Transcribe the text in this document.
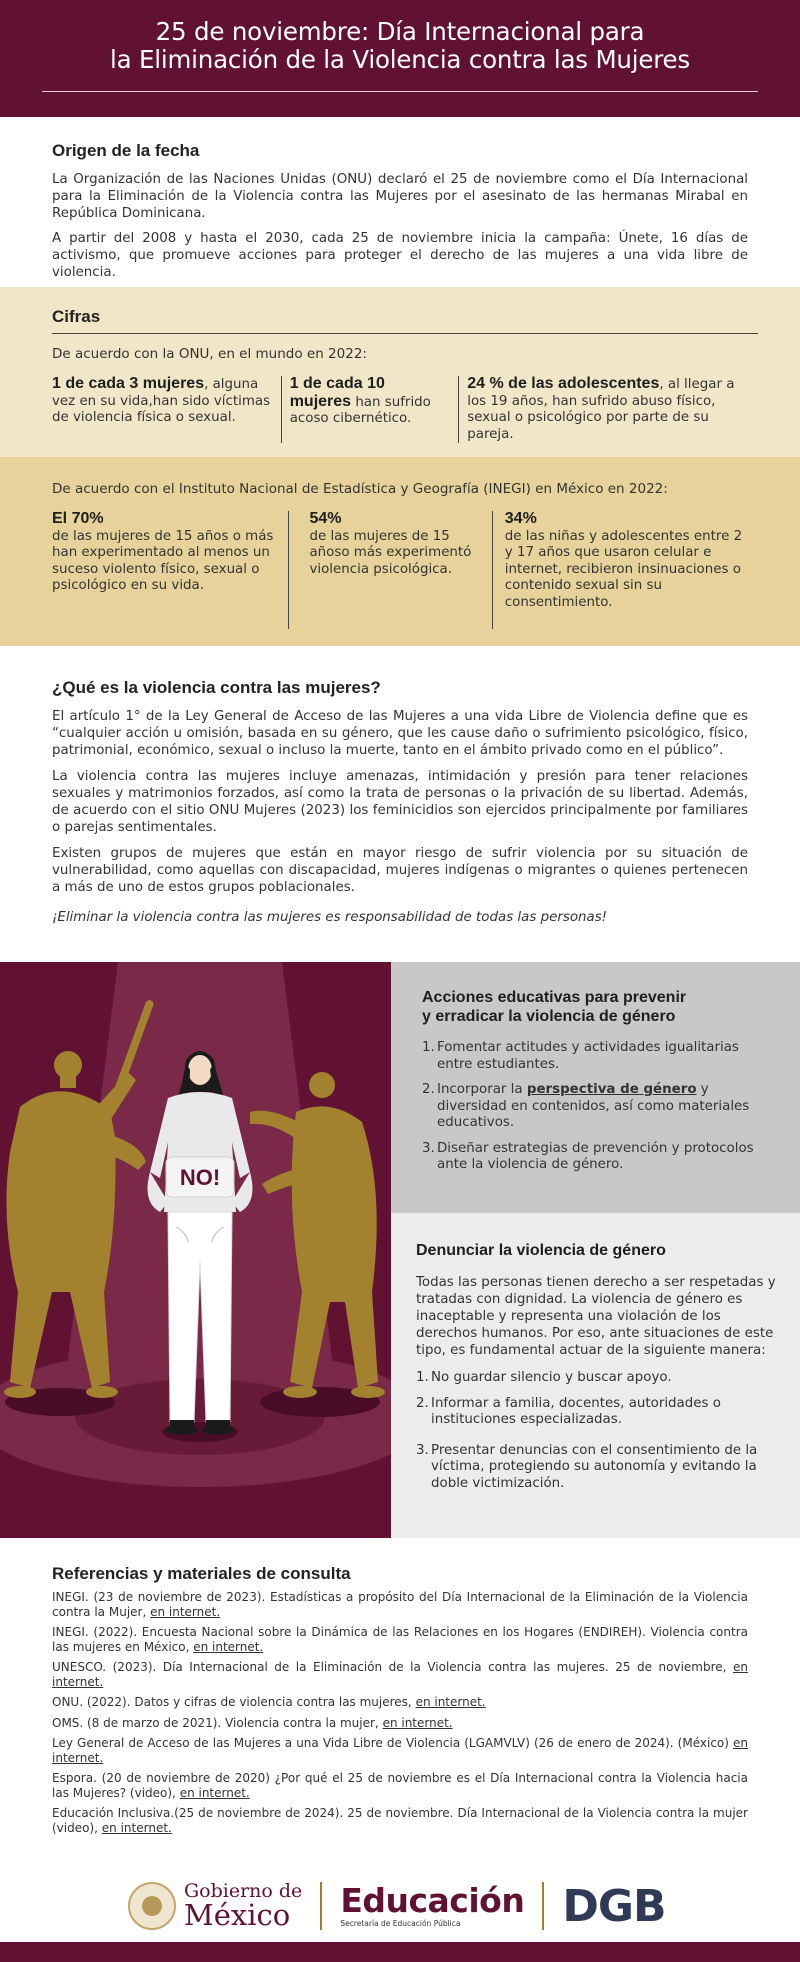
25 de noviembre: Día Internacional para
la Eliminación de la Violencia contra las Mujeres
Origen de la fecha

La Organización de las Naciones Unidas (ONU) declaró el 25 de noviembre como el Día Internacional para la Eliminación de la Violencia contra las Mujeres por el asesinato de las hermanas Mirabal en República Dominicana.

A partir del 2008 y hasta el 2030, cada 25 de noviembre inicia la campaña: Únete, 16 días de activismo, que promueve acciones para proteger el derecho de las mujeres a una vida libre de violencia.

Cifras

De acuerdo con la ONU, en el mundo en 2022:

1 de cada 3 mujeres, alguna vez en su vida,han sido víctimas de violencia física o sexual.
1 de cada 10 mujeres han sufrido acoso cibernético.
24 % de las adolescentes, al llegar a los 19 años, han sufrido abuso físico, sexual o psicológico por parte de su pareja.

De acuerdo con el Instituto Nacional de Estadística y Geografía (INEGI) en México en 2022:

El 70%
de las mujeres de 15 años o más han experimentado al menos un suceso violento físico, sexual o psicológico en su vida.
54%
de las mujeres de 15 añoso más experimentó violencia psicológica.
34%
de las niñas y adolescentes entre 2 y 17 años que usaron celular e internet, recibieron insinuaciones o contenido sexual sin su consentimiento.
¿Qué es la violencia contra las mujeres?

El artículo 1° de la Ley General de Acceso de las Mujeres a una vida Libre de Violencia define que es “cualquier acción u omisión, basada en su género, que les cause daño o sufrimiento psicológico, físico, patrimonial, económico, sexual o incluso la muerte, tanto en el ámbito privado como en el público”.

La violencia contra las mujeres incluye amenazas, intimidación y presión para tener relaciones sexuales y matrimonios forzados, así como la trata de personas o la privación de su libertad. Además, de acuerdo con el sitio ONU Mujeres (2023) los feminicidios son ejercidos principalmente por familiares o parejas sentimentales.

Existen grupos de mujeres que están en mayor riesgo de sufrir violencia por su situación de vulnerabilidad, como aquellas con discapacidad, mujeres indígenas o migrantes o quienes pertenecen a más de uno de estos grupos poblacionales.

¡Eliminar la violencia contra las mujeres es responsabilidad de todas las personas!

NO!
Acciones educativas para prevenir
y erradicar la violencia de género
1. Fomentar actitudes y actividades igualitarias entre estudiantes.
2. Incorporar la perspectiva de género y diversidad en contenidos, así como materiales educativos.
3. Diseñar estrategias de prevención y protocolos ante la violencia de género.
Denunciar la violencia de género

Todas las personas tienen derecho a ser respetadas y tratadas con dignidad. La violencia de género es inaceptable y representa una violación de los derechos humanos. Por eso, ante situaciones de este tipo, es fundamental actuar de la siguiente manera:

1. No guardar silencio y buscar apoyo.
2. Informar a familia, docentes, autoridades o instituciones especializadas.
3. Presentar denuncias con el consentimiento de la víctima, protegiendo su autonomía y evitando la doble victimización.
Referencias y materiales de consulta

INEGI. (23 de noviembre de 2023). Estadísticas a propósito del Día Internacional de la Eliminación de la Violencia contra la Mujer, en internet.

INEGI. (2022). Encuesta Nacional sobre la Dinámica de las Relaciones en los Hogares (ENDIREH). Violencia contra las mujeres en México, en internet.

UNESCO. (2023). Día Internacional de la Eliminación de la Violencia contra las mujeres. 25 de noviembre, en internet.

ONU. (2022). Datos y cifras de violencia contra las mujeres, en internet.

OMS. (8 de marzo de 2021). Violencia contra la mujer, en internet.

Ley General de Acceso de las Mujeres a una Vida Libre de Violencia (LGAMVLV) (26 de enero de 2024). (México) en internet.

Espora. (20 de noviembre de 2020) ¿Por qué el 25 de noviembre es el Día Internacional contra la Violencia hacia las Mujeres? (video), en internet.

Educación Inclusiva.(25 de noviembre de 2024). 25 de noviembre. Día Internacional de la Violencia contra la mujer (video), en internet.

Gobierno de
México	Educación
Secretaría de Educación Pública	DGB
